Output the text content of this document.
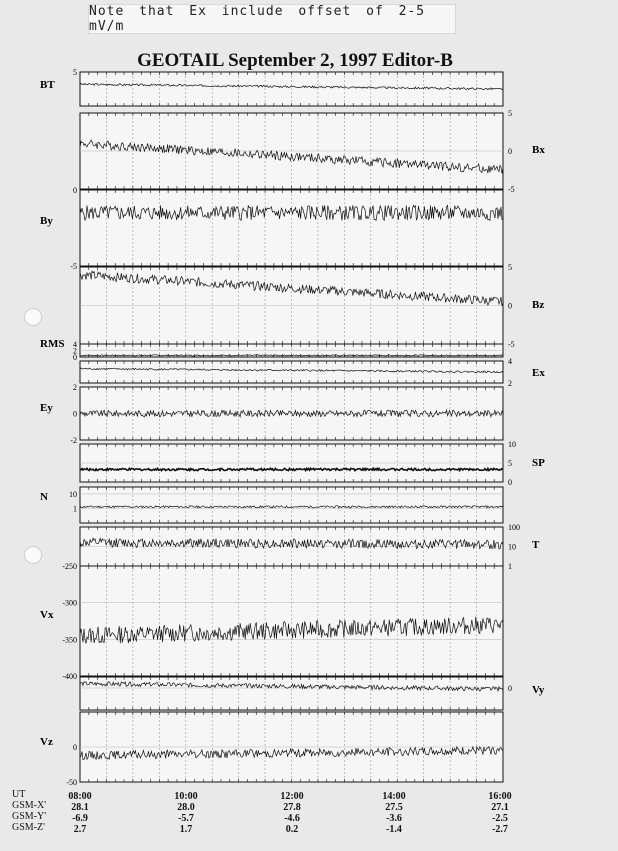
Note that Ex include offset of 2-5 mV/m
GEOTAIL September 2, 1997 Editor-B
5
BT
5
0
-5
Bx
0
-5
By
5
0
-5
Bz
4
2
0
RMS
4
2
Ex
2
0
-2
Ey
10
5
0
SP
10
1
N
100
10
1
T
-250
-300
-350
-400
Vx
0 Vy
0
-50
Vz
UT
GSM-X'
GSM-Y'
GSM-Z'
08:00
28.1
-6.9
2.7
10:00
28.0
-5.7
1.7
12:00
27.8
-4.6
0.2
14:00
27.5
-3.6
-1.4
16:00
27.1
-2.5
-2.7
